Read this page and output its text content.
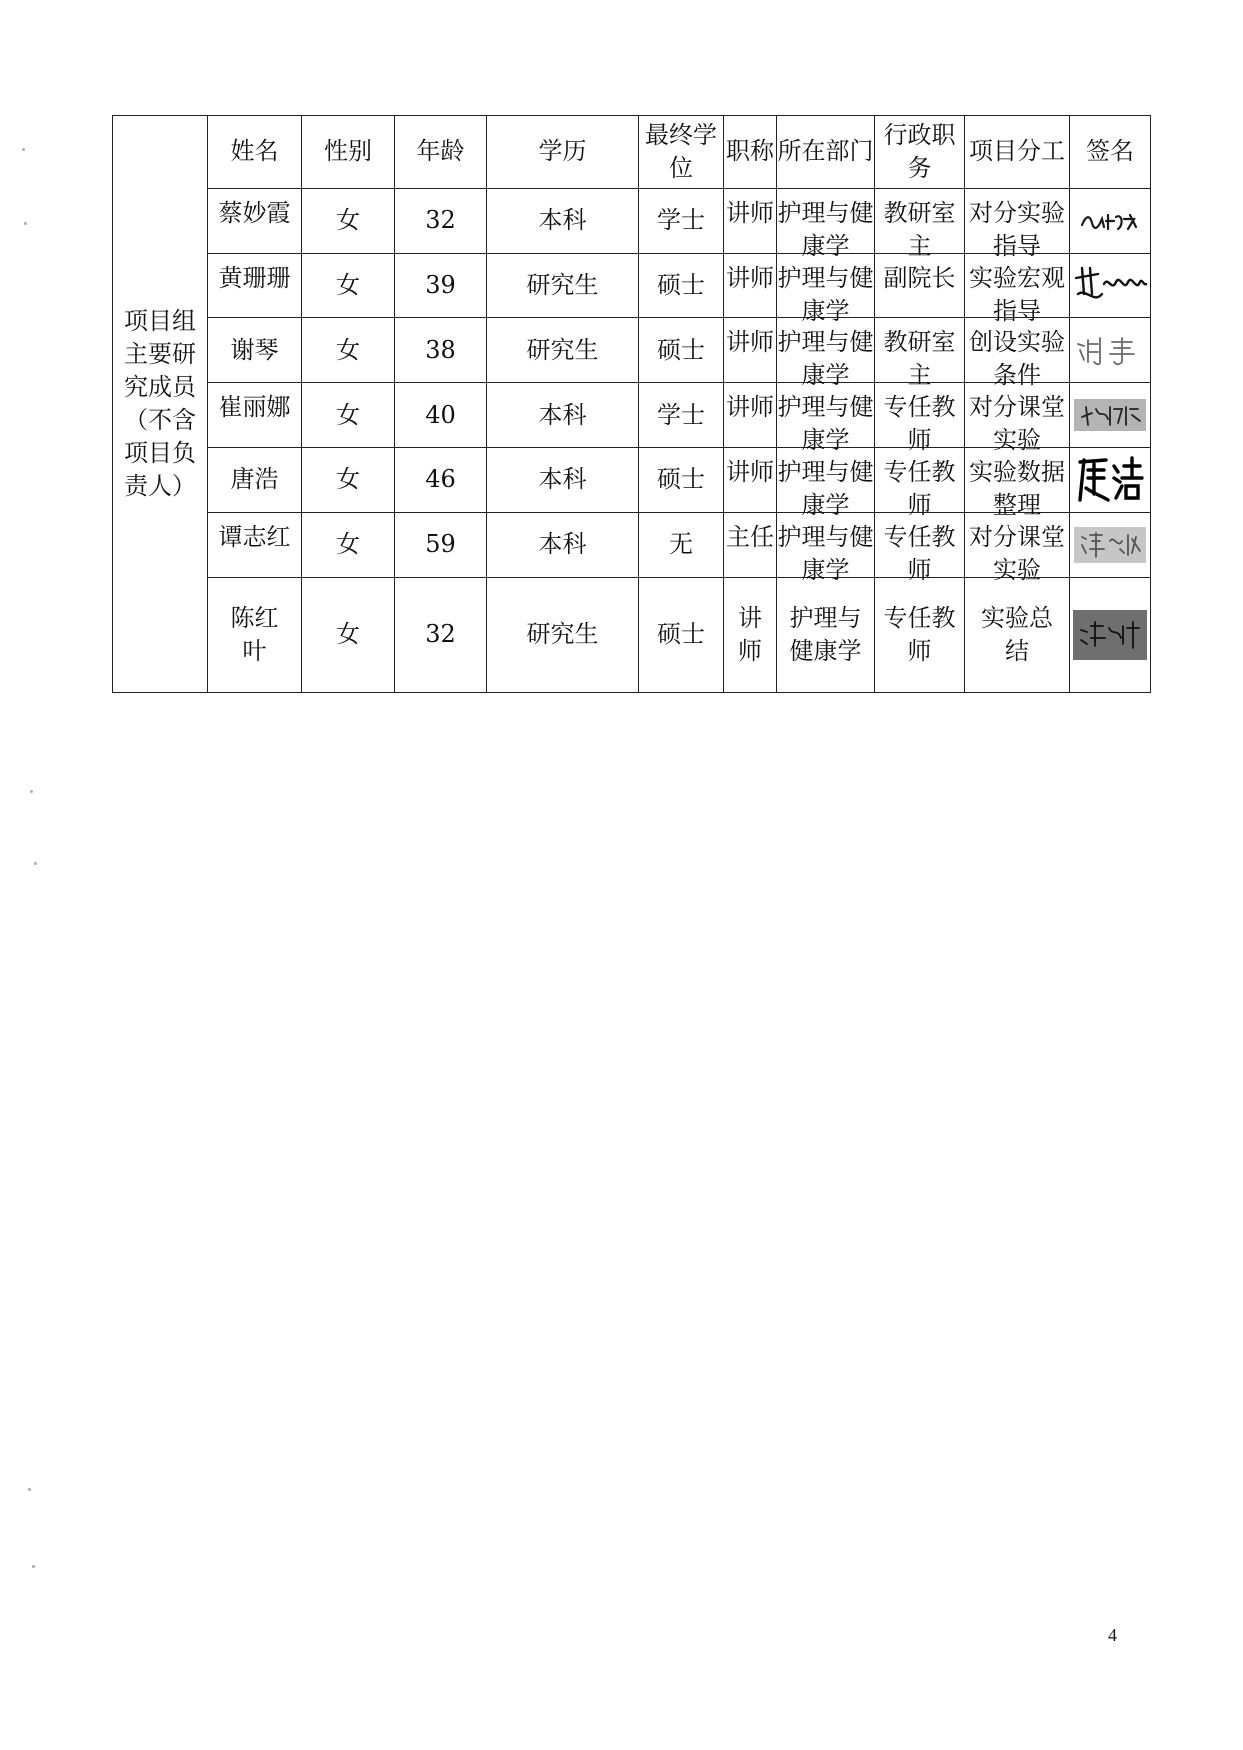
项目组主要研究成员（不含项目负责人）	姓名	性别	年龄	学历	最终学位	职称	所在部门	行政职务	项目分工	签名

	蔡妙霞	女	32	本科	学士	讲师	护理与健康学	教研室主	对分实验指导

	黄珊珊	女	39	研究生	硕士	讲师	护理与健康学	副院长	实验宏观指导

	谢琴	女	38	研究生	硕士	讲师	护理与健康学	教研室主	创设实验条件

	崔丽娜	女	40	本科	学士	讲师	护理与健康学	专任教师	对分课堂实验

	唐浩	女	46	本科	硕士	讲师	护理与健康学	专任教师	实验数据整理

	谭志红	女	59	本科	无	主任	护理与健康学	专任教师	对分课堂实验

	陈红叶	女	32	研究生	硕士	讲师	护理与健康学	专任教师	实验总结	
4
